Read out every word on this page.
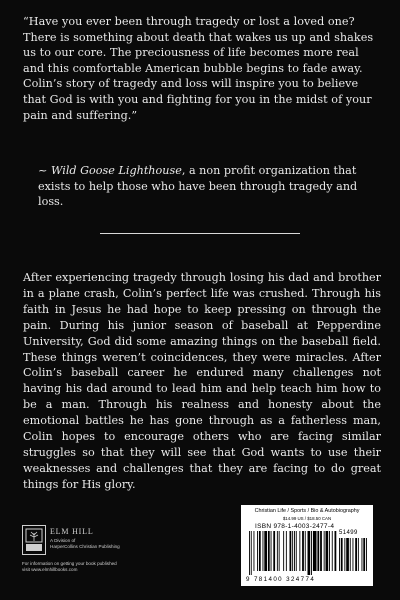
“Have you ever been through tragedy or lost a loved one? There is something about death that wakes us up and shakes us to our core. The preciousness of life becomes more real and this comfortable American bubble begins to fade away. Colin’s story of tragedy and loss will inspire you to believe that God is with you and fighting for you in the midst of your pain and suffering.”
~ Wild Goose Lighthouse, a non profit organization that exists to help those who have been through tragedy and loss.
After experiencing tragedy through losing his dad and brother in a plane crash, Colin’s perfect life was crushed. Through his faith in Jesus he had hope to keep pressing on through the pain. During his junior season of baseball at Pepperdine University, God did some amazing things on the baseball field. These things weren’t coincidences, they were miracles. After Colin’s baseball career he endured many challenges not having his dad around to lead him and help teach him how to be a man. Through his realness and honesty about the emotional battles he has gone through as a fatherless man, Colin hopes to encourage others who are facing similar struggles so that they will see that God wants to use their weaknesses and challenges that they are facing to do great things for His glory.
ELM HILL
A Division of
HarperCollins Christian Publishing
For information on getting your book published
visit www.elmhillbooks.com
Christian Life / Sports / Bio & Autobiography
$14.99 US / $18.50 CAN
ISBN 978-1-4003-2477-4
51499
9 781400 324774
